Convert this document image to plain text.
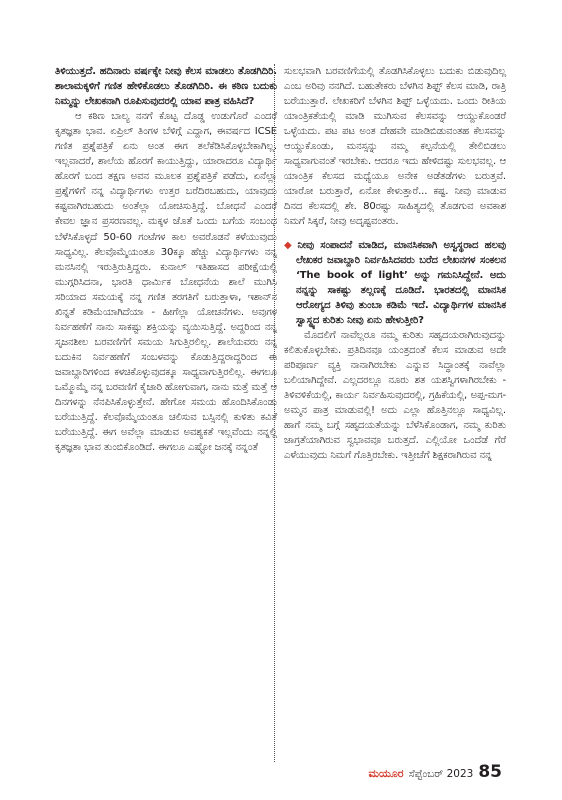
ತಿಳಿಯುತ್ತದೆ. ಹದಿನಾರು ವರ್ಷಕ್ಕೇ ನೀವು ಕೆಲಸ ಮಾಡಲು ತೊಡಗಿದಿರಿ. ಶಾಲಾಮಕ್ಕಳಿಗೆ ಗಣಿತ ಹೇಳಿಕೊಡಲು ತೊಡಗಿದಿರಿ. ಈ ಕಠಿಣ ಬದುಕು ನಿಮ್ಮನ್ನು ಲೇಖಕನಾಗಿ ರೂಪಿಸುವುದರಲ್ಲಿ ಯಾವ ಪಾತ್ರ ವಹಿಸಿದೆ?

ಆ ಕಠಿಣ ಬಾಲ್ಯ ನನಗೆ ಕೊಟ್ಟ ದೊಡ್ಡ ಉಡುಗೊರೆ ಎಂದರೆ ಕೃತಜ್ಞತಾ ಭಾವ. ಏಪ್ರಿಲ್ ತಿಂಗಳ ಬೆಳಿಗ್ಗೆ ಎದ್ದಾಗ, ಈವರ್ಷದ ICSE ಗಣಿತ ಪ್ರಶ್ನೆಪತ್ರಿಕೆ ಏನು ಅಂತ ಈಗ ತಲೆಕೆಡಿಸಿಕೊಳ್ಳಬೇಕಾಗಿಲ್ಲ. ಇಲ್ಲವಾದರೆ, ಶಾಲೆಯ ಹೊರಗೆ ಕಾಯುತ್ತಿದ್ದು, ಯಾರಾದರೂ ವಿದ್ಯಾರ್ಥಿ ಹೊರಗೆ ಬಂದ ತಕ್ಷಣ ಅವನ ಮೂಲಕ ಪ್ರಶ್ನೆಪತ್ರಿಕೆ ಪಡೆದು, ಏನೆಲ್ಲಾ ಪ್ರಶ್ನೆಗಳಿಗೆ ನನ್ನ ವಿದ್ಯಾರ್ಥಿಗಳು ಉತ್ತರ ಬರೆದಿರಬಹುದು, ಯಾವುದು ಕಷ್ಟವಾಗಿರಬಹುದು ಅಂತೆಲ್ಲಾ ಯೋಚಿಸುತ್ತಿದ್ದೆ. ಬೋಧನೆ ಎಂದರೆ ಕೇವಲ ಜ್ಞಾನ ಪ್ರಸರಣವಲ್ಲ. ಮಕ್ಕಳ ಜೊತೆ ಒಂದು ಬಗೆಯ ಸಂಬಂಧ ಬೆಳೆಸಿಕೊಳ್ಳದೆ 50-60 ಗಂಟೆಗಳ ಕಾಲ ಅವರೊಡನೆ ಕಳೆಯುವುದು ಸಾಧ್ಯವಿಲ್ಲ. ಕೆಲವೊಮ್ಮೆಯಂತೂ 30ಕ್ಕೂ ಹೆಚ್ಚು ವಿದ್ಯಾರ್ಥಿಗಳು ನನ್ನ ಮನಸಿನಲ್ಲಿ ಇರುತ್ತಿರುತ್ತಿದ್ದರು. ಕುನಾಲ್ ಇತಿಹಾಸದ ಪರೀಕ್ಷೆಯಲ್ಲಿ ಮುಗ್ಗರಿಸಿದನಾ, ಭಾರತಿ ಧಾರ್ಮಿಕ ಬೋಧನೆಯ ಶಾಲೆ ಮುಗಿಸಿ ಸರಿಯಾದ ಸಮಯಕ್ಕೆ ನನ್ನ ಗಣಿತ ತರಗತಿಗೆ ಬರುತ್ತಾಳಾ, ಇಶಾನ್‌ನ ಖಿನ್ನತೆ ಕಡಿಮೆಯಾಗಿದೆಯಾ - ಹೀಗೆಲ್ಲಾ ಯೋಚನೆಗಳು. ಅವುಗಳ ನಿರ್ವಹಣೆಗೆ ನಾನು ಸಾಕಷ್ಟು ಶಕ್ತಿಯನ್ನು ವ್ಯಯಿಸುತ್ತಿದ್ದೆ. ಅದ್ದರಿಂದ ನನ್ನ ಸೃಜನಶೀಲ ಬರವಣಿಗೆಗೆ ಸಮಯ ಸಿಗುತ್ತಿರಲಿಲ್ಲ. ಶಾಲೆಯವರು ನನ್ನ ಬದುಕಿನ ನಿರ್ವಹಣೆಗೆ ಸಂಬಳವನ್ನು ಕೊಡುತ್ತಿದ್ದರಾದ್ದರಿಂದ ಈ ಜವಾಬ್ದಾರಿಗಳಿಂದ ಕಳಚಿಕೊಳ್ಳುವುದಕ್ಕೂ ಸಾಧ್ಯವಾಗುತ್ತಿರಲಿಲ್ಲ. ಈಗಲೂ ಒಮ್ಮೊಮ್ಮೆ ನನ್ನ ಬರವಣಿಗೆ ಕೈಜಾರಿ ಹೋಗುವಾಗ, ನಾನು ಮತ್ತೆ ಮತ್ತೆ ಆ ದಿನಗಳನ್ನು ನೆನಪಿಸಿಕೊಳ್ಳುತ್ತೇನೆ. ಹೇಗೋ ಸಮಯ ಹೊಂದಿಸಿಕೊಂಡು ಬರೆಯುತ್ತಿದ್ದೆ. ಕೆಲವೊಮ್ಮೆಯಂತೂ ಚಲಿಸುವ ಬಸ್ಸಿನಲ್ಲಿ ಕುಳಿತು ಕವಿತೆ ಬರೆಯುತ್ತಿದ್ದೆ. ಈಗ ಅವೆಲ್ಲಾ ಮಾಡುವ ಅವಶ್ಯಕತೆ ಇಲ್ಲವೆಂದು ನನ್ನಲ್ಲಿ ಕೃತಜ್ಞತಾ ಭಾವ ತುಂಬಿಕೊಂಡಿದೆ. ಈಗಲೂ ಎಷ್ಟೋ ಜನಕ್ಕೆ ನನ್ನಂತೆ

ಸುಲಭವಾಗಿ ಬರವಣಿಗೆಯಲ್ಲಿ ತೊಡಗಿಸಿಕೊಳ್ಳಲು ಬದುಕು ಬಿಡುವುದಿಲ್ಲ ಎಂಬ ಅರಿವು ನನಗಿದೆ. ಬಹುತೇಕರು ಬೆಳಗಿನ ಶಿಫ್ಟ್ ಕೆಲಸ ಮಾಡಿ, ರಾತ್ರಿ ಬರೆಯುತ್ತಾರೆ. ಲೇಖಕರಿಗೆ ಬೆಳಗಿನ ಶಿಫ್ಟ್ ಒಳ್ಳೆಯದು. ಒಂದು ರೀತಿಯ ಯಾಂತ್ರಿಕತೆಯಲ್ಲಿ ಮಾಡಿ ಮುಗಿಸುವ ಕೆಲಸವನ್ನು ಆಯ್ದುಕೊಂಡರೆ ಒಳ್ಳೆಯದು. ಪಟ ಪಟ ಅಂತ ದೇಹವೇ ಮಾಡಿಬಿಡುವಂತಹ ಕೆಲಸವನ್ನು ಆಯ್ದುಕೊಂಡು, ಮನಸ್ಸನ್ನು ನಮ್ಮ ಕಲ್ಪನೆಯಲ್ಲಿ ತೇಲಿಬಿಡಲು ಸಾಧ್ಯವಾಗುವಂತೆ ಇರಬೇಕು. ಆದರೂ ಇದು ಹೇಳಿದಷ್ಟು ಸುಲಭವಲ್ಲ. ಆ ಯಾಂತ್ರಿಕ ಕೆಲಸದ ಮಧ್ಯೆಯೂ ಅನೇಕ ಅಡೆತಡೆಗಳು ಬರುತ್ತವೆ. ಯಾರೋ ಬರುತ್ತಾರೆ, ಏನೋ ಕೇಳುತ್ತಾರೆ... ಕಷ್ಟ. ನೀವು ಮಾಡುವ ದಿನದ ಕೆಲಸದಲ್ಲಿ ಶೇ. 80ರಷ್ಟು ಸಾಹಿತ್ಯದಲ್ಲಿ ತೊಡಗುವ ಅವಕಾಶ ನಿಮಗೆ ಸಿಕ್ಕರೆ, ನೀವು ಅದೃಷ್ಟವಂತರು.

◆ ನೀವು ಸಂಪಾದನೆ ಮಾಡಿದ, ಮಾನಸಿಕವಾಗಿ ಅಸ್ವಸ್ಥರಾದ ಹಲವು ಲೇಖಕರ ಜವಾಬ್ದಾರಿ ನಿರ್ವಹಿಸಿದವರು ಬರೆದ ಲೇಖನಗಳ ಸಂಕಲನ ‘The book of light’ ಅನ್ನು ಗಮನಿಸಿದ್ದೇನೆ. ಅದು ನನ್ನನ್ನು ಸಾಕಷ್ಟು ತಲ್ಲಣಕ್ಕೆ ದೂಡಿದೆ. ಭಾರತದಲ್ಲಿ ಮಾನಸಿಕ ಆರೋಗ್ಯದ ತಿಳಿವು ತುಂಬಾ ಕಡಿಮೆ ಇದೆ. ವಿದ್ಯಾರ್ಥಿಗಳ ಮಾನಸಿಕ ಸ್ವಾಸ್ಥ್ಯದ ಕುರಿತು ನೀವು ಏನು ಹೇಳುತ್ತೀರಿ?

ಮೊದಲಿಗೆ ನಾವೆಲ್ಲರೂ ನಮ್ಮ ಕುರಿತು ಸಹೃದಯರಾಗಿರುವುದನ್ನು ಕಲಿತುಕೊಳ್ಳಬೇಕು. ಪ್ರತಿದಿನವೂ ಯಂತ್ರದಂತೆ ಕೆಲಸ ಮಾಡುವ ಅದೇ ಪರಿಪೂರ್ಣ ವ್ಯಕ್ತಿ ನಾನಾಗಿರಬೇಕು ಎನ್ನುವ ಸಿದ್ಧಾಂತಕ್ಕೆ ನಾವೆಲ್ಲಾ ಬಲಿಯಾಗಿದ್ದೇವೆ. ಎಲ್ಲದರಲ್ಲೂ ನೂರು ಶತ ಯಶಸ್ವಿಗಳಾಗಿರಬೇಕು - ತಿಳಿವಳಿಕೆಯಲ್ಲಿ, ಕಾರ್ಯ ನಿರ್ವಹಿಸುವುದರಲ್ಲಿ, ಗ್ರಹಿಕೆಯಲ್ಲಿ, ಅಪ್ಪ-ಮಗ-ಅಮ್ಮನ ಪಾತ್ರ ಮಾಡುವಲ್ಲಿ! ಅದು ಎಲ್ಲಾ ಹೊತ್ತಿನಲ್ಲೂ ಸಾಧ್ಯವಿಲ್ಲ. ಹಾಗೆ ನಮ್ಮ ಬಗ್ಗೆ ಸಹೃದಯತೆಯನ್ನು ಬೆಳೆಸಿಕೊಂಡಾಗ, ನಮ್ಮ ಕುರಿತು ಜಾಗ್ರತೆಯಾಗಿರುವ ಸ್ವಭಾವವೂ ಬರುತ್ತದೆ. ಎಲ್ಲಿಯೋ ಒಂದೆಡೆ ಗೆರೆ ಎಳೆಯುವುದು ನಿಮಗೆ ಗೊತ್ತಿರಬೇಕು. ಇತ್ತೀಚೆಗೆ ಶಿಕ್ಷಕರಾಗಿರುವ ನನ್ನ

ಮಯೂರ ಸೆಪ್ಟೆಂಬರ್ 2023 85
